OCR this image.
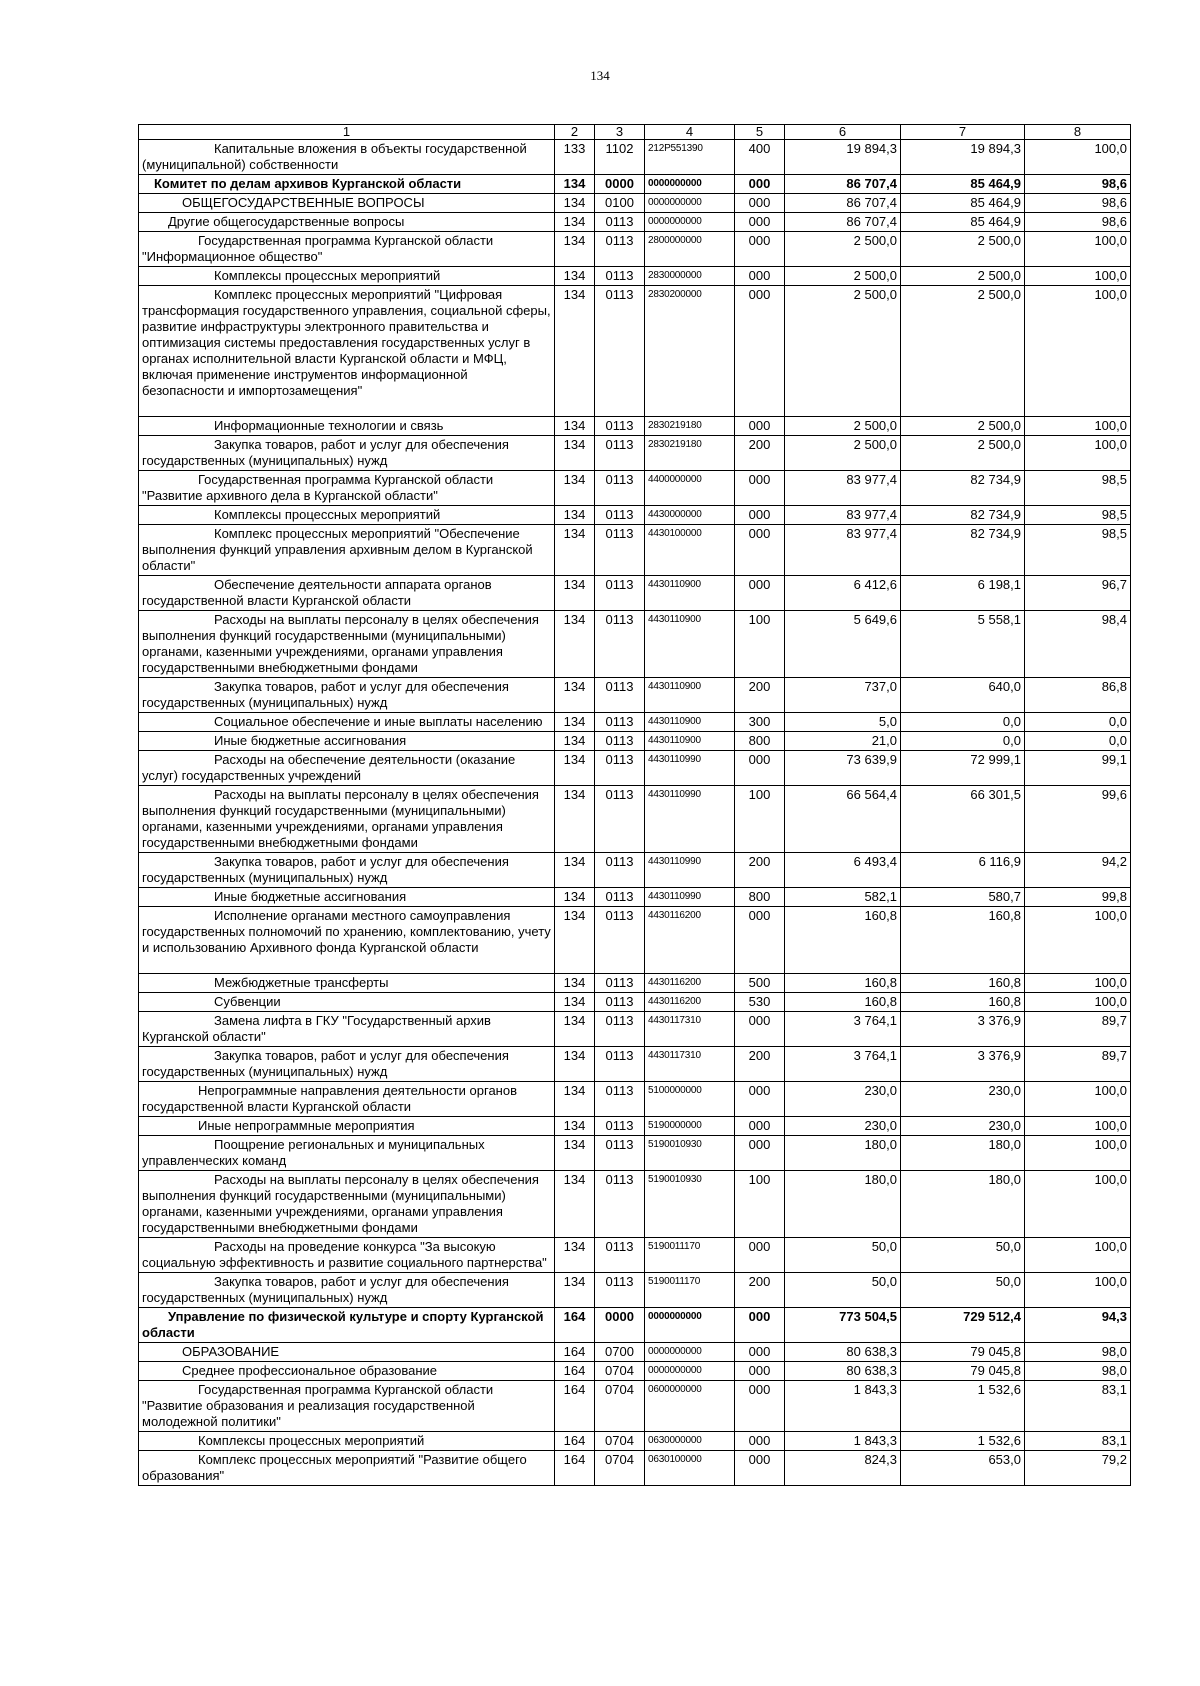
134
1	2	3	4	5	6	7	8
Капитальные вложения в объекты государственной (муниципальной) собственности	133	1102	212P551390	400	19 894,3	19 894,3	100,0
Комитет по делам архивов Курганской области	134	0000	0000000000	000	86 707,4	85 464,9	98,6
ОБЩЕГОСУДАРСТВЕННЫЕ ВОПРОСЫ	134	0100	0000000000	000	86 707,4	85 464,9	98,6
Другие общегосударственные вопросы	134	0113	0000000000	000	86 707,4	85 464,9	98,6
Государственная программа Курганской области "Информационное общество"	134	0113	2800000000	000	2 500,0	2 500,0	100,0
Комплексы процессных мероприятий	134	0113	2830000000	000	2 500,0	2 500,0	100,0
Комплекс процессных мероприятий "Цифровая трансформация государственного управления, социальной сферы, развитие инфраструктуры электронного правительства и оптимизация системы предоставления государственных услуг в органах исполнительной власти Курганской области и МФЦ, включая применение инструментов информационной безопасности и импортозамещения"	134	0113	2830200000	000	2 500,0	2 500,0	100,0
Информационные технологии и связь	134	0113	2830219180	000	2 500,0	2 500,0	100,0
Закупка товаров, работ и услуг для обеспечения государственных (муниципальных) нужд	134	0113	2830219180	200	2 500,0	2 500,0	100,0
Государственная программа Курганской области "Развитие архивного дела в Курганской области"	134	0113	4400000000	000	83 977,4	82 734,9	98,5
Комплексы процессных мероприятий	134	0113	4430000000	000	83 977,4	82 734,9	98,5
Комплекс процессных мероприятий "Обеспечение выполнения функций управления архивным делом в Курганской области"	134	0113	4430100000	000	83 977,4	82 734,9	98,5
Обеспечение деятельности аппарата органов государственной власти Курганской области	134	0113	4430110900	000	6 412,6	6 198,1	96,7
Расходы на выплаты персоналу в целях обеспечения выполнения функций государственными (муниципальными) органами, казенными учреждениями, органами управления государственными внебюджетными фондами	134	0113	4430110900	100	5 649,6	5 558,1	98,4
Закупка товаров, работ и услуг для обеспечения государственных (муниципальных) нужд	134	0113	4430110900	200	737,0	640,0	86,8
Социальное обеспечение и иные выплаты населению	134	0113	4430110900	300	5,0	0,0	0,0
Иные бюджетные ассигнования	134	0113	4430110900	800	21,0	0,0	0,0
Расходы на обеспечение деятельности (оказание услуг) государственных учреждений	134	0113	4430110990	000	73 639,9	72 999,1	99,1
Расходы на выплаты персоналу в целях обеспечения выполнения функций государственными (муниципальными) органами, казенными учреждениями, органами управления государственными внебюджетными фондами	134	0113	4430110990	100	66 564,4	66 301,5	99,6
Закупка товаров, работ и услуг для обеспечения государственных (муниципальных) нужд	134	0113	4430110990	200	6 493,4	6 116,9	94,2
Иные бюджетные ассигнования	134	0113	4430110990	800	582,1	580,7	99,8
Исполнение органами местного самоуправления государственных полномочий по хранению, комплектованию, учету и использованию Архивного фонда Курганской области	134	0113	4430116200	000	160,8	160,8	100,0
Межбюджетные трансферты	134	0113	4430116200	500	160,8	160,8	100,0
Субвенции	134	0113	4430116200	530	160,8	160,8	100,0
Замена лифта в ГКУ "Государственный архив Курганской области"	134	0113	4430117310	000	3 764,1	3 376,9	89,7
Закупка товаров, работ и услуг для обеспечения государственных (муниципальных) нужд	134	0113	4430117310	200	3 764,1	3 376,9	89,7
Непрограммные направления деятельности органов государственной власти Курганской области	134	0113	5100000000	000	230,0	230,0	100,0
Иные непрограммные мероприятия	134	0113	5190000000	000	230,0	230,0	100,0
Поощрение региональных и муниципальных управленческих команд	134	0113	5190010930	000	180,0	180,0	100,0
Расходы на выплаты персоналу в целях обеспечения выполнения функций государственными (муниципальными) органами, казенными учреждениями, органами управления государственными внебюджетными фондами	134	0113	5190010930	100	180,0	180,0	100,0
Расходы на проведение конкурса "За высокую социальную эффективность и развитие социального партнерства"	134	0113	5190011170	000	50,0	50,0	100,0
Закупка товаров, работ и услуг для обеспечения государственных (муниципальных) нужд	134	0113	5190011170	200	50,0	50,0	100,0
Управление по физической культуре и спорту Курганской области	164	0000	0000000000	000	773 504,5	729 512,4	94,3
ОБРАЗОВАНИЕ	164	0700	0000000000	000	80 638,3	79 045,8	98,0
Среднее профессиональное образование	164	0704	0000000000	000	80 638,3	79 045,8	98,0
Государственная программа Курганской области "Развитие образования и реализация государственной молодежной политики"	164	0704	0600000000	000	1 843,3	1 532,6	83,1
Комплексы процессных мероприятий	164	0704	0630000000	000	1 843,3	1 532,6	83,1
Комплекс процессных мероприятий "Развитие общего образования"	164	0704	0630100000	000	824,3	653,0	79,2
